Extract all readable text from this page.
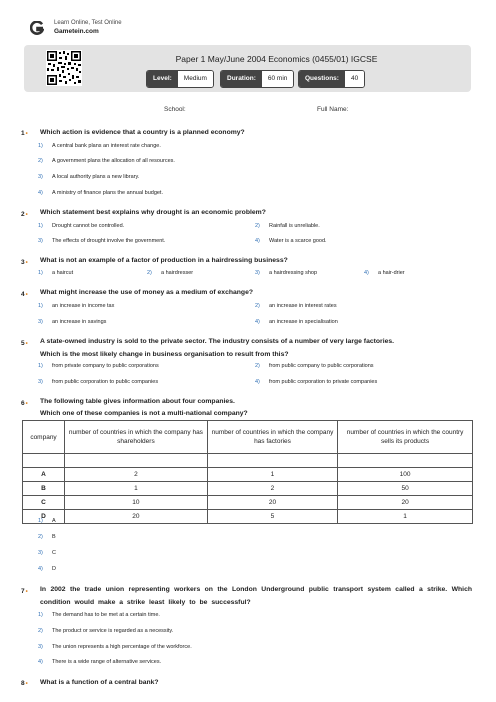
Learn Online, Test Online
Gametein.com
Paper 1 May/June 2004 Economics (0455/01) IGCSE
Level:	Medium	Duration:	60 min	Questions:	40
School:	Full Name:
1• Which action is evidence that a country is a planned economy?
1) A central bank plans an interest rate change.
2) A government plans the allocation of all resources.
3) A local authority plans a new library.
4) A ministry of finance plans the annual budget.
2• Which statement best explains why drought is an economic problem?
1) Drought cannot be controlled.	2) Rainfall is unreliable.
3) The effects of drought involve the government.	4) Water is a scarce good.
3• What is not an example of a factor of production in a hairdressing business?
1) a haircut	2) a hairdresser	3) a hairdressing shop	4) a hair-drier
4• What might increase the use of money as a medium of exchange?
1) an increase in income tax	2) an increase in interest rates
3) an increase in savings	4) an increase in specialisation
5• A state-owned industry is sold to the private sector. The industry consists of a number of very large factories.
Which is the most likely change in business organisation to result from this?
1) from private company to public corporations	2) from public company to public corporations
3) from public corporation to public companies	4) from public corporation to private companies
6• The following table gives information about four companies.
Which one of these companies is not a multi-national company?
company	number of countries in which the company has shareholders	number of countries in which the company has factories	number of countries in which the country sells its products

A	2	1	100
B	1	2	50
C	10	20	20
D	20	5	1
1) A
2) B
3) C
4) D
7• In 2002 the trade union representing workers on the London Underground public transport system called a strike. Which condition would make a strike least likely to be successful?
1) The demand has to be met at a certain time.
2) The product or service is regarded as a necessity.
3) The union represents a high percentage of the workforce.
4) There is a wide range of alternative services.
8• What is a function of a central bank?
